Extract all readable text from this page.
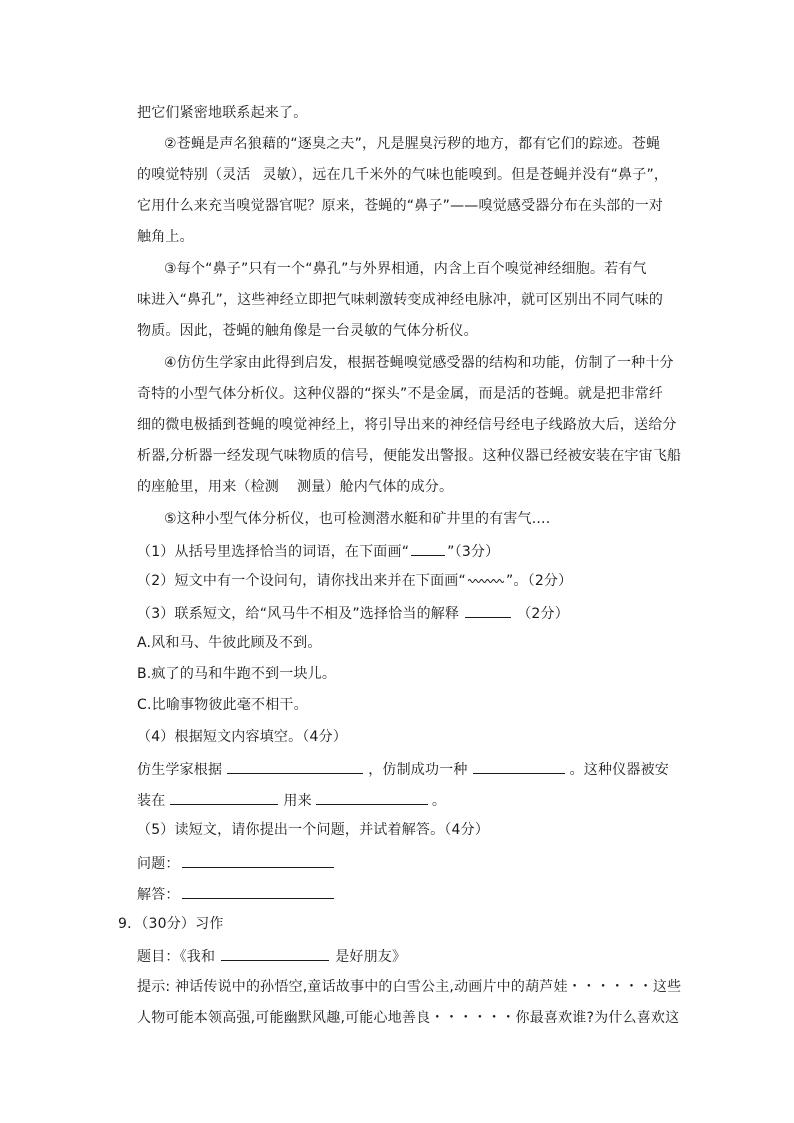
把它们紧密地联系起来了。
②苍蝇是声名狼藉的“逐臭之夫”，凡是腥臭污秽的地方，都有它们的踪迹。苍蝇
的嗅觉特别（灵活 灵敏），远在几千米外的气味也能嗅到。但是苍蝇并没有“鼻子”，
它用什么来充当嗅觉器官呢？原来，苍蝇的“鼻子”——嗅觉感受器分布在头部的一对
触角上。
③每个“鼻子”只有一个“鼻孔”与外界相通，内含上百个嗅觉神经细胞。若有气
味进入“鼻孔”，这些神经立即把气味刺激转变成神经电脉冲，就可区别出不同气味的
物质。因此，苍蝇的触角像是一台灵敏的气体分析仪。
④仿仿生学家由此得到启发，根据苍蝇嗅觉感受器的结构和功能，仿制了一种十分
奇特的小型气体分析仪。这种仪器的“探头”不是金属，而是活的苍蝇。就是把非常纤
细的微电极插到苍蝇的嗅觉神经上，将引导出来的神经信号经电子线路放大后，送给分
析器,分析器一经发现气味物质的信号，便能发出警报。这种仪器已经被安装在宇宙飞船
的座舱里，用来（检测 测量）舱内气体的成分。
⑤这种小型气体分析仪，也可检测潜水艇和矿井里的有害气....
（1）从括号里选择恰当的词语，在下面画“	”（3分）
（2）短文中有一个设问句，请你找出来并在下面画“	”。（2分）
（3）联系短文，给“风马牛不相及”选择恰当的解释	（2分）
A.风和马、牛彼此顾及不到。
B.疯了的马和牛跑不到一块儿。
C.比喻事物彼此毫不相干。
（4）根据短文内容填空。（4分）
仿生学家根据	，仿制成功一种	。这种仪器被安
装在	用来	。
（5）读短文，请你提出一个问题，并试着解答。（4分）
问题：
解答：
9．（30分）习作
题目：《我和	是好朋友》
提示: 神话传说中的孙悟空,童话故事中的白雪公主,动画片中的葫芦娃・・・・・・这些
人物可能本领高强,可能幽默风趣,可能心地善良・・・・・・你最喜欢谁?为什么喜欢这
